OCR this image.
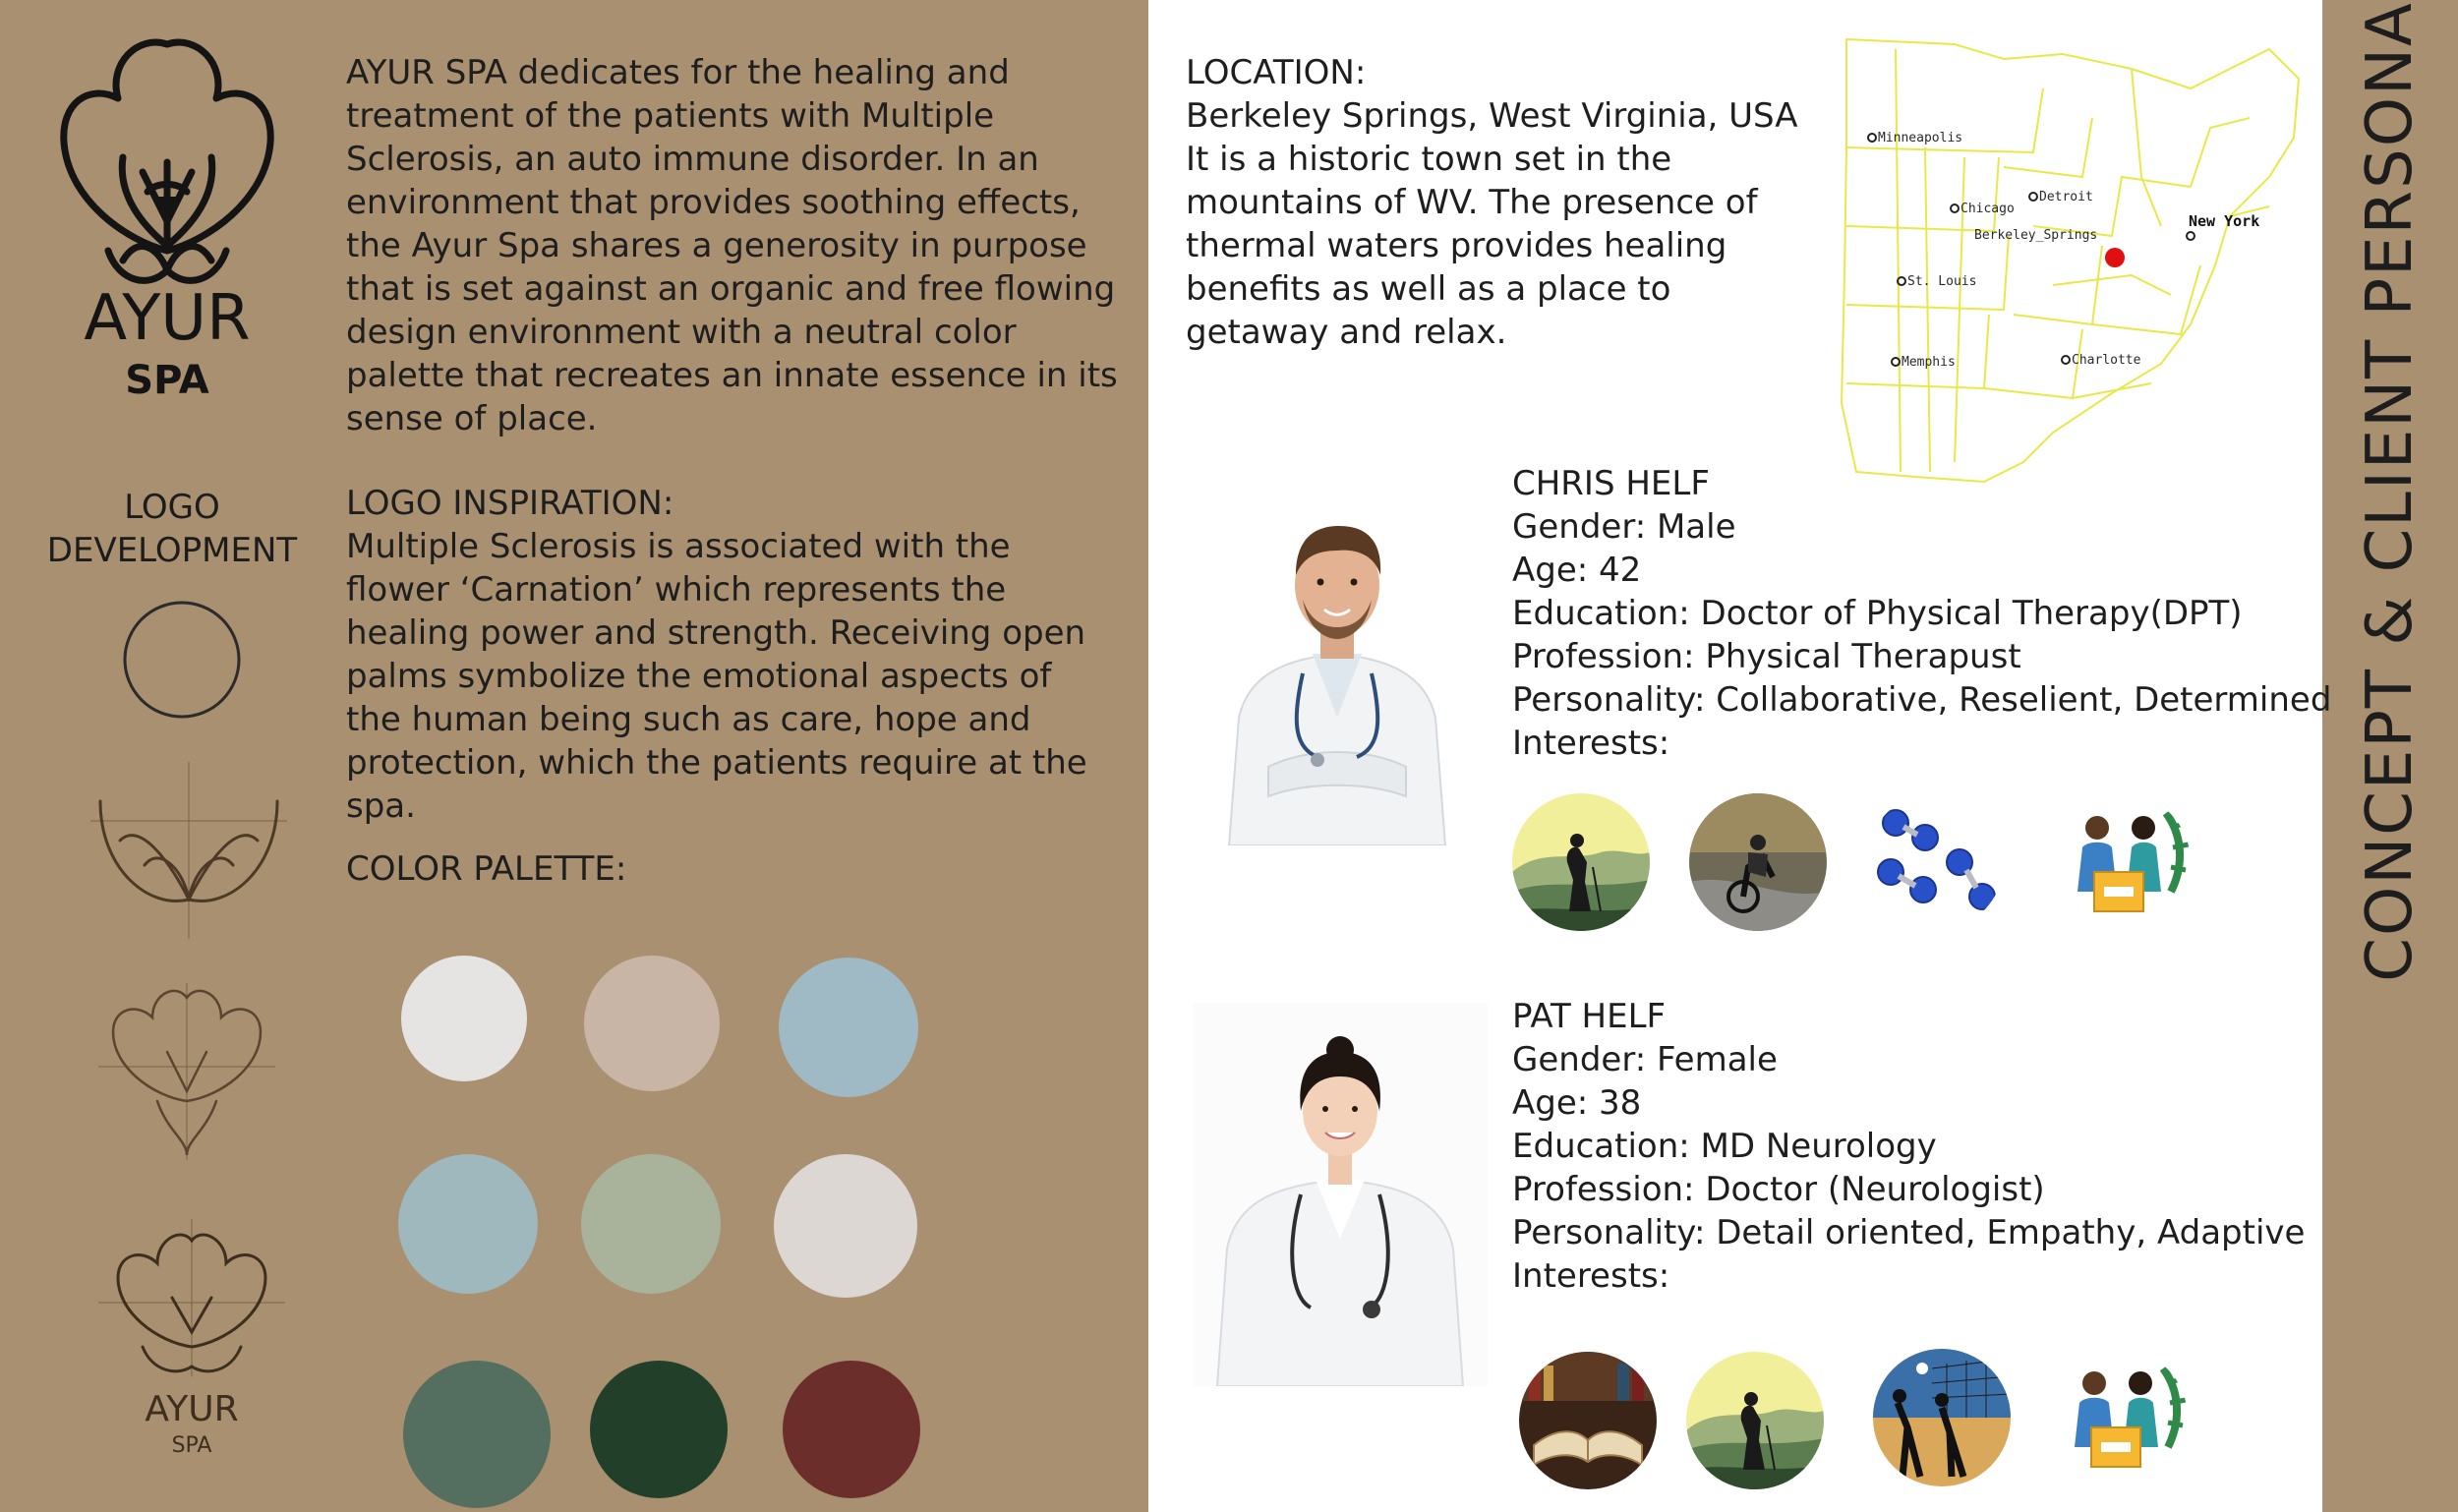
CONCEPT & CLIENT PERSONA
AYUR
SPA
AYUR SPA dedicates for the healing and treatment of the patients with Multiple Sclerosis, an auto immune disorder. In an environment that provides soothing effects, the Ayur Spa shares a generosity in purpose that is set against an organic and free flowing design environment with a neutral color palette that recreates an innate essence in its sense of place.
LOGO
DEVELOPMENT
AYUR
SPA

LOGO INSPIRATION:

Multiple Sclerosis is associated with the flower ‘Carnation’ which represents the healing power and strength. Receiving open palms symbolize the emotional aspects of the human being such as care, hope and protection, which the patients require at the spa.

COLOR PALETTE:

LOCATION:

Berkeley Springs, West Virginia, USA

It is a historic town set in the mountains of WV. The presence of thermal waters provides healing benefits as well as a place to getaway and relax.

Minneapolis
Chicago
Detroit
Berkeley_Springs
New York
St. Louis
Memphis	Charlotte
CHRIS HELF
Gender: Male
Age: 42
Education: Doctor of Physical Therapy(DPT)
Profession: Physical Therapust
Personality: Collaborative, Reselient, Determined
Interests:
PAT HELF
Gender: Female
Age: 38
Education: MD Neurology
Profession: Doctor (Neurologist)
Personality: Detail oriented, Empathy, Adaptive
Interests:
